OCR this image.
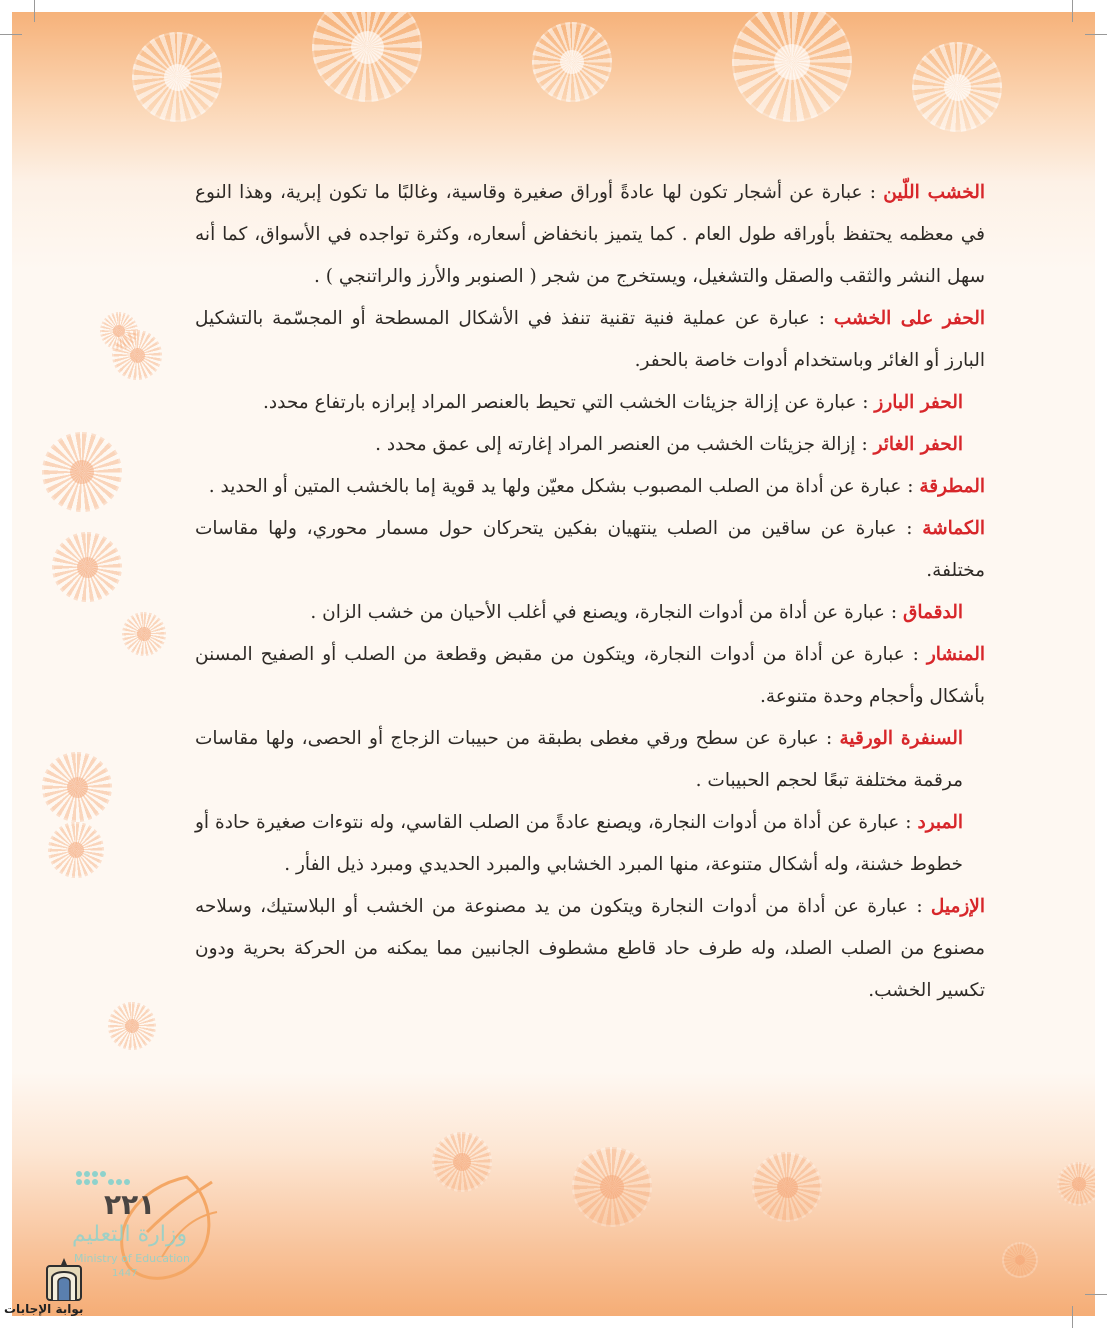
الخشب اللّين : عبارة عن أشجار تكون لها عادةً أوراق صغيرة وقاسية، وغالبًا ما تكون إبرية، وهذا النوع في معظمه يحتفظ بأوراقه طول العام . كما يتميز بانخفاض أسعاره، وكثرة تواجده في الأسواق، كما أنه سهل النشر والثقب والصقل والتشغيل، ويستخرج من شجر ( الصنوبر والأرز والراتنجي ) .

الحفر على الخشب : عبارة عن عملية فنية تقنية تنفذ في الأشكال المسطحة أو المجسّمة بالتشكيل البارز أو الغائر وباستخدام أدوات خاصة بالحفر.

الحفر البارز : عبارة عن إزالة جزيئات الخشب التي تحيط بالعنصر المراد إبرازه بارتفاع محدد.

الحفر الغائر : إزالة جزيئات الخشب من العنصر المراد إغارته إلى عمق محدد .

المطرقة : عبارة عن أداة من الصلب المصبوب بشكل معيّن ولها يد قوية إما بالخشب المتين أو الحديد .

الكماشة : عبارة عن ساقين من الصلب ينتهيان بفكين يتحركان حول مسمار محوري، ولها مقاسات مختلفة.

الدقماق : عبارة عن أداة من أدوات النجارة، ويصنع في أغلب الأحيان من خشب الزان .

المنشار : عبارة عن أداة من أدوات النجارة، ويتكون من مقبض وقطعة من الصلب أو الصفيح المسنن بأشكال وأحجام وحدة متنوعة.

السنفرة الورقية : عبارة عن سطح ورقي مغطى بطبقة من حبيبات الزجاج أو الحصى، ولها مقاسات مرقمة مختلفة تبعًا لحجم الحبيبات .

المبرد : عبارة عن أداة من أدوات النجارة، ويصنع عادةً من الصلب القاسي، وله نتوءات صغيرة حادة أو خطوط خشنة، وله أشكال متنوعة، منها المبرد الخشابي والمبرد الحديدي ومبرد ذيل الفأر .

الإزميل : عبارة عن أداة من أدوات النجارة ويتكون من يد مصنوعة من الخشب أو البلاستيك، وسلاحه مصنوع من الصلب الصلد، وله طرف حاد قاطع مشطوف الجانبين مما يمكنه من الحركة بحرية ودون تكسير الخشب.

٢٢١
وزارة التعليم
Ministry of Education
1447
بوابة الإجابات
